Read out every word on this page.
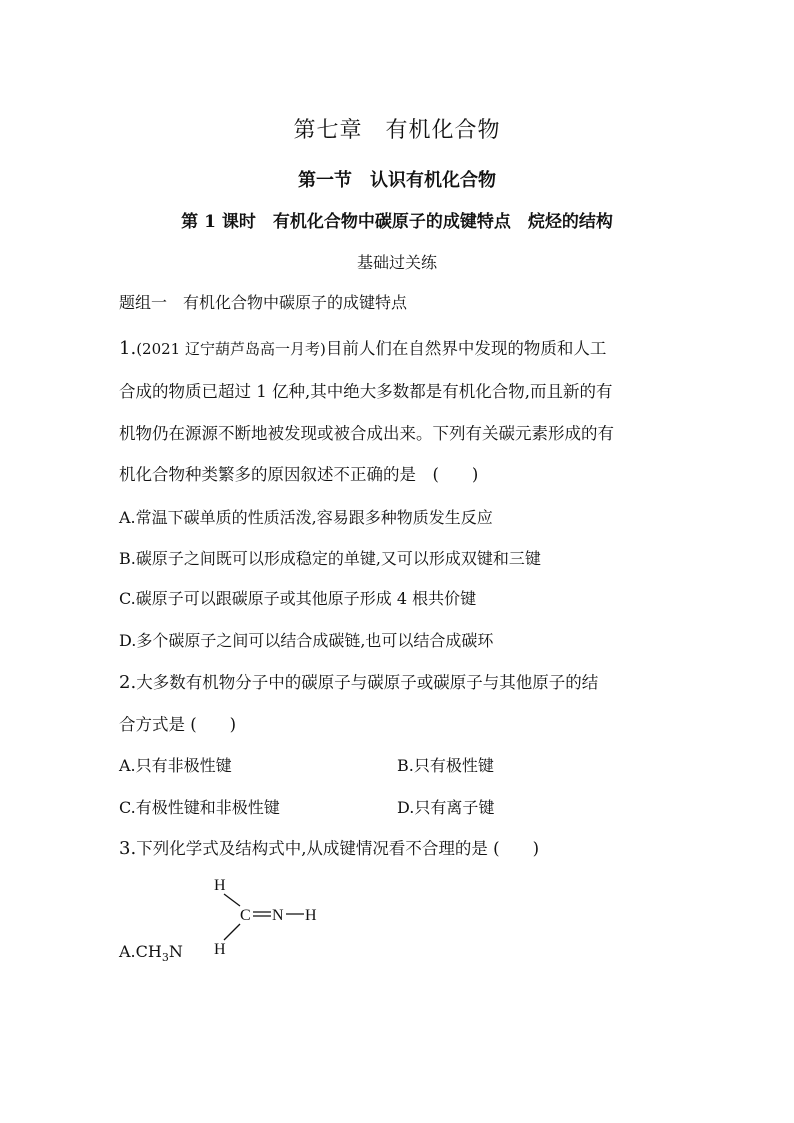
第七章　有机化合物
第一节　认识有机化合物
第 1 课时　有机化合物中碳原子的成键特点　烷烃的结构
基础过关练
题组一　有机化合物中碳原子的成键特点
1.(2021 辽宁葫芦岛高一月考)目前人们在自然界中发现的物质和人工
合成的物质已超过 1 亿种,其中绝大多数都是有机化合物,而且新的有
机物仍在源源不断地被发现或被合成出来。下列有关碳元素形成的有
机化合物种类繁多的原因叙述不正确的是　(　　)
A.常温下碳单质的性质活泼,容易跟多种物质发生反应
B.碳原子之间既可以形成稳定的单键,又可以形成双键和三键
C.碳原子可以跟碳原子或其他原子形成 4 根共价键
D.多个碳原子之间可以结合成碳链,也可以结合成碳环
2.大多数有机物分子中的碳原子与碳原子或碳原子与其他原子的结
合方式是 (　　)
A.只有非极性键	B.只有极性键
C.有极性键和非极性键	D.只有离子键
3.下列化学式及结构式中,从成键情况看不合理的是 (　　)
$A.CH_3N$
H
C N H
H
